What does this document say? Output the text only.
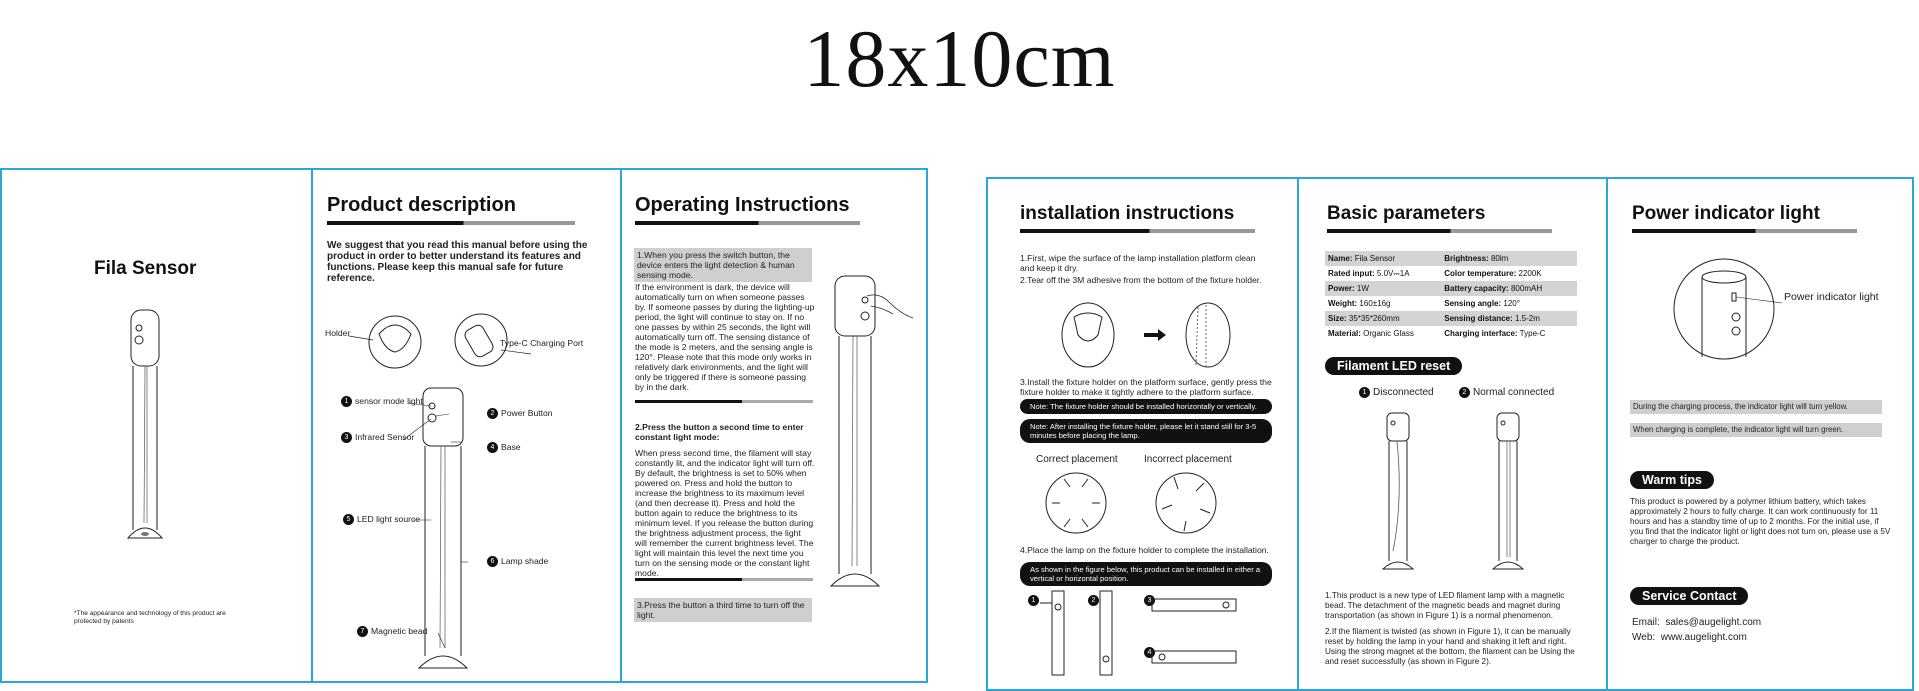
18x10cm
Fila Sensor
*The appearance and technology of this product are protected by patents
Product description
We suggest that you read this manual before using the product in order to better understand its features and functions. Please keep this manual safe for future reference.
Holder
Type-C Charging Port
1 sensor mode light
2 Power Button
3 Infrared Sensor
4 Base
5 LED light source
6 Lamp shade
7 Magnetic bead
Operating Instructions
1.When you press the switch button, the device enters the light detection & human sensing mode.
If the environment is dark, the device will automatically turn on when someone passes by. If someone passes by during the lighting-up period, the light will continue to stay on. If no one passes by within 25 seconds, the light will automatically turn off. The sensing distance of the mode is 2 meters, and the sensing angle is 120°. Please note that this mode only works in relatively dark environments, and the light will only be triggered if there is someone passing by in the dark.
2.Press the button a second time to enter constant light mode:
When press second time, the filament will stay constantly lit, and the indicator light will turn off. By default, the brightness is set to 50% when powered on. Press and hold the button to increase the brightness to its maximum level (and then decrease it). Press and hold the button again to reduce the brightness to its minimum level. If you release the button during the brightness adjustment process, the light will remember the current brightness level. The light will maintain this level the next time you turn on the sensing mode or the constant light mode.
3.Press the button a third time to turn off the light.
installation instructions
1.First, wipe the surface of the lamp installation platform clean and keep it dry.
2.Tear off the 3M adhesive from the bottom of the fixture holder.
3.Install the fixture holder on the platform surface, gently press the fixture holder to make it tightly adhere to the platform surface.
Note: The fixture holder should be installed horizontally or vertically.
Note: After installing the fixture holder, please let it stand still for 3-5 minutes before placing the lamp.
Correct placement	Incorrect placement
4.Place the lamp on the fixture holder to complete the installation.
As shown in the figure below, this product can be installed in either a vertical or horizontal position.
1	2	3
4
Basic parameters
Name: Fila Sensor	Brightness: 80lm
Rated input: 5.0V⎓1A	Color temperature: 2200K
Power: 1W	Battery capacity: 800mAH
Weight: 160±16g	Sensing angle: 120°
Size: 35*35*260mm	Sensing distance: 1.5-2m
Material: Organic Glass	Charging interface: Type-C
Filament LED reset
1 Disconnected	2 Normal connected
1.This product is a new type of LED filament lamp with a magnetic bead. The detachment of the magnetic beads and magnet during transportation (as shown in Figure 1) is a normal phenomenon.
2.If the filament is twisted (as shown in Figure 1), it can be manually reset by holding the lamp in your hand and shaking it left and right. Using the strong magnet at the bottom, the filament can be Using the and reset successfully (as shown in Figure 2).
Power indicator light
Power indicator light
During the charging process, the indicator light will turn yellow.
When charging is complete, the indicator light will turn green.
Warm tips
This product is powered by a polymer lithium battery, which takes approximately 2 hours to fully charge. It can work continuously for 11 hours and has a standby time of up to 2 months. For the initial use, if you find that the indicator light or light does not turn on, please use a 5V charger to charge the product.
Service Contact
Email: sales@augelight.com
Web: www.augelight.com
